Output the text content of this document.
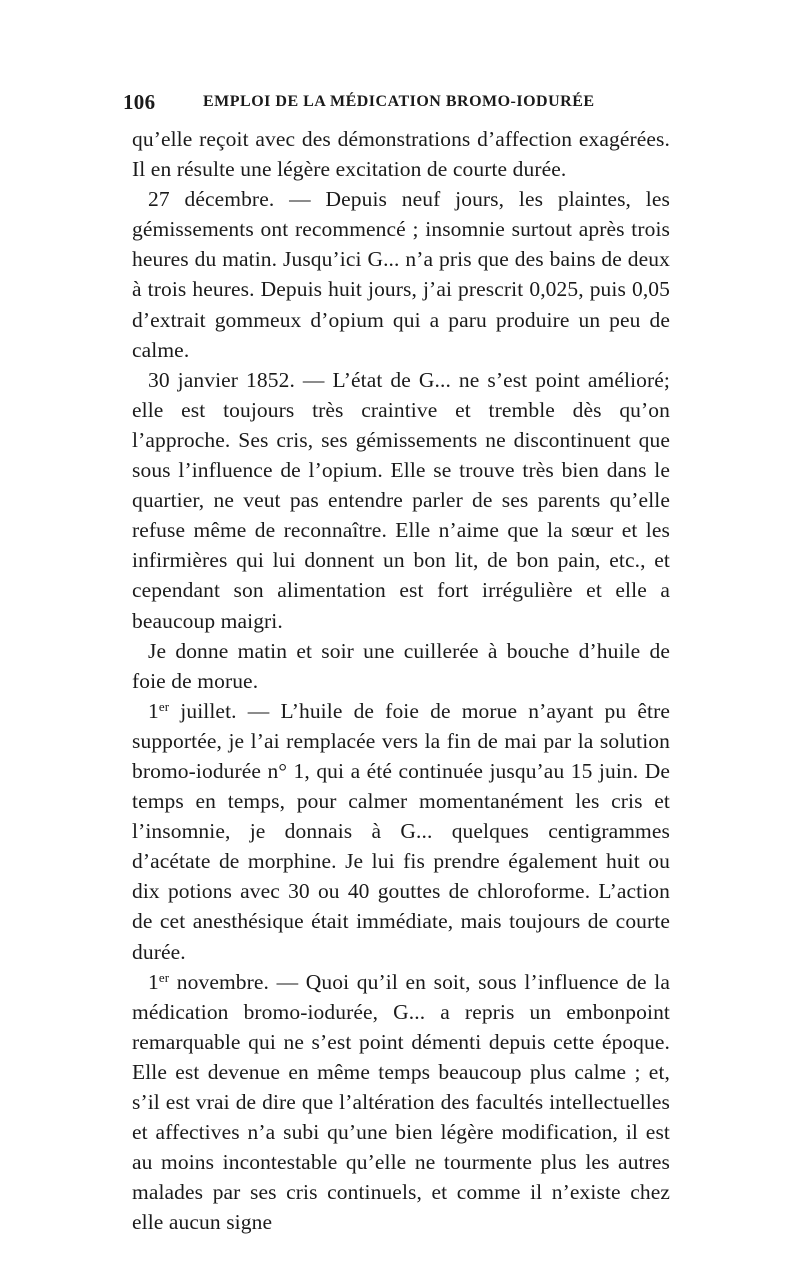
106	EMPLOI DE LA MÉDICATION BROMO-IODURÉE

qu’elle reçoit avec des démonstrations d’affection exagérées. Il en résulte une légère excitation de courte durée.

27 décembre. — Depuis neuf jours, les plaintes, les gémissements ont recommencé ; insomnie surtout après trois heures du matin. Jusqu’ici G... n’a pris que des bains de deux à trois heures. Depuis huit jours, j’ai prescrit 0,025, puis 0,05 d’extrait gommeux d’opium qui a paru produire un peu de calme.

30 janvier 1852. — L’état de G... ne s’est point amélioré; elle est toujours très craintive et tremble dès qu’on l’approche. Ses cris, ses gémissements ne discontinuent que sous l’influence de l’opium. Elle se trouve très bien dans le quartier, ne veut pas entendre parler de ses parents qu’elle refuse même de reconnaître. Elle n’aime que la sœur et les infirmières qui lui donnent un bon lit, de bon pain, etc., et cependant son alimentation est fort irrégulière et elle a beaucoup maigri.

Je donne matin et soir une cuillerée à bouche d’huile de foie de morue.

1er juillet. — L’huile de foie de morue n’ayant pu être supportée, je l’ai remplacée vers la fin de mai par la solution bromo-iodurée n° 1, qui a été continuée jusqu’au 15 juin. De temps en temps, pour calmer momentanément les cris et l’insomnie, je donnais à G... quelques centigrammes d’acétate de morphine. Je lui fis prendre également huit ou dix potions avec 30 ou 40 gouttes de chloroforme. L’action de cet anesthésique était immédiate, mais toujours de courte durée.

1er novembre. — Quoi qu’il en soit, sous l’influence de la médication bromo-iodurée, G... a repris un embonpoint remarquable qui ne s’est point démenti depuis cette époque. Elle est devenue en même temps beaucoup plus calme ; et, s’il est vrai de dire que l’altération des facultés intellectuelles et affectives n’a subi qu’une bien légère modification, il est au moins incontestable qu’elle ne tourmente plus les autres malades par ses cris continuels, et comme il n’existe chez elle aucun signe
